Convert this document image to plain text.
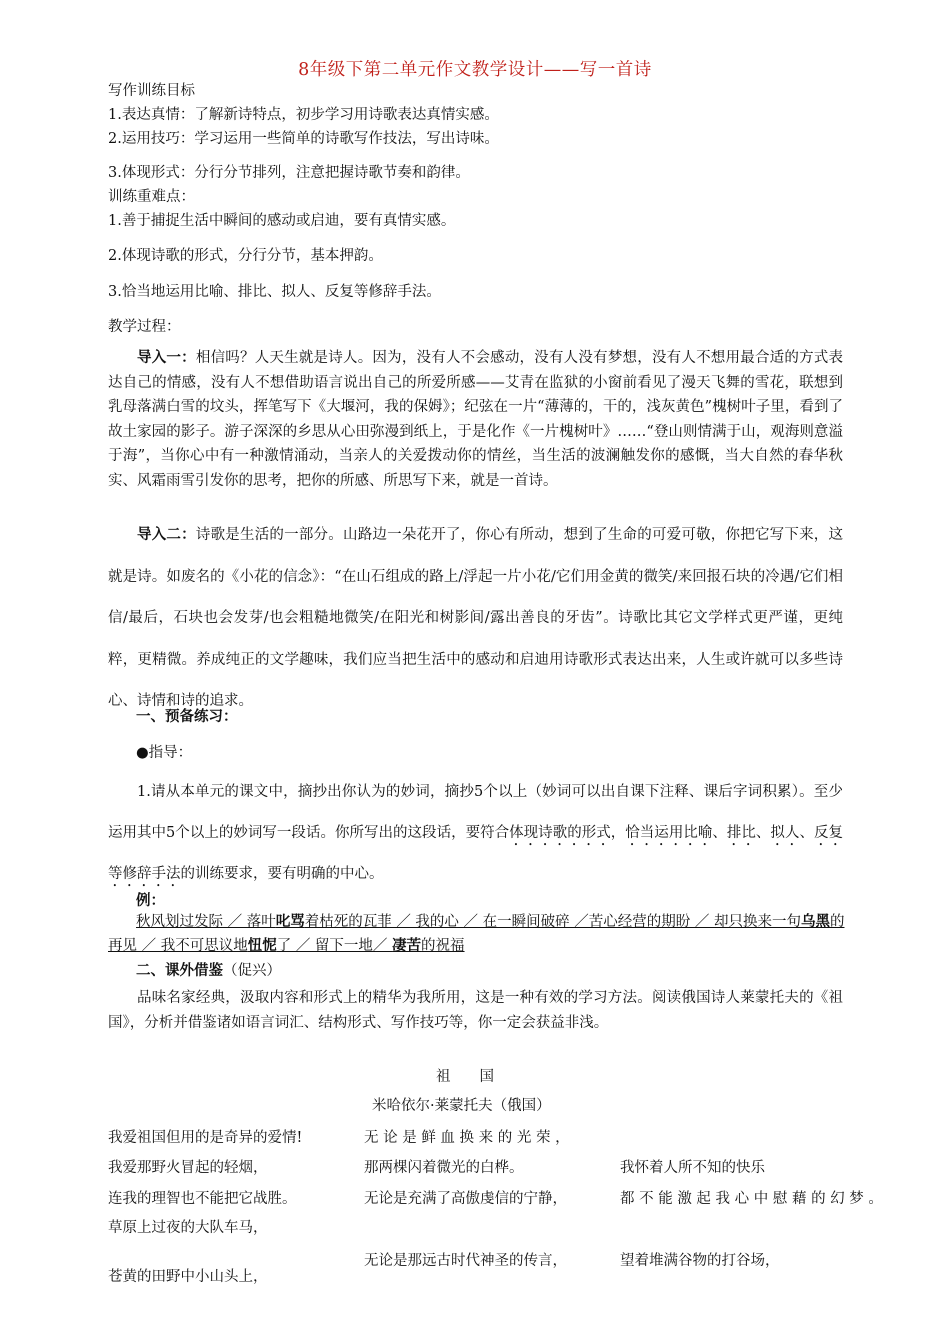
8年级下第二单元作文教学设计——写一首诗
写作训练目标
1.表达真情：了解新诗特点，初步学习用诗歌表达真情实感。
2.运用技巧：学习运用一些简单的诗歌写作技法，写出诗味。
3.体现形式：分行分节排列，注意把握诗歌节奏和韵律。
训练重难点：
1.善于捕捉生活中瞬间的感动或启迪，要有真情实感。
2.体现诗歌的形式，分行分节，基本押韵。
3.恰当地运用比喻、排比、拟人、反复等修辞手法。
教学过程：

导入一：相信吗？人天生就是诗人。因为，没有人不会感动，没有人没有梦想，没有人不想用最合适的方式表达自己的情感，没有人不想借助语言说出自己的所爱所感——艾青在监狱的小窗前看见了漫天飞舞的雪花，联想到乳母落满白雪的坟头，挥笔写下《大堰河，我的保姆》；纪弦在一片“薄薄的，干的，浅灰黄色”槐树叶子里，看到了故土家园的影子。游子深深的乡思从心田弥漫到纸上，于是化作《一片槐树叶》……“登山则情满于山，观海则意溢于海”，当你心中有一种激情涌动，当亲人的关爱拨动你的情丝，当生活的波澜触发你的感慨，当大自然的春华秋实、风霜雨雪引发你的思考，把你的所感、所思写下来，就是一首诗。

导入二：诗歌是生活的一部分。山路边一朵花开了，你心有所动，想到了生命的可爱可敬，你把它写下来，这就是诗。如废名的《小花的信念》：“在山石组成的路上/浮起一片小花/它们用金黄的微笑/来回报石块的冷遇/它们相信/最后，石块也会发芽/也会粗糙地微笑/在阳光和树影间/露出善良的牙齿”。诗歌比其它文学样式更严谨，更纯粹，更精微。养成纯正的文学趣味，我们应当把生活中的感动和启迪用诗歌形式表达出来，人生或许就可以多些诗心、诗情和诗的追求。

一、预备练习：
●指导：

1.请从本单元的课文中，摘抄出你认为的妙词，摘抄5个以上（妙词可以出自课下注释、课后字词积累）。至少运用其中5个以上的妙词写一段话。你所写出的这段话，要符合体现诗歌的形式，恰当运用比喻、排比、拟人、反复等修辞手法的训练要求，要有明确的中心。

例：
秋风划过发际 ／ 落叶叱骂着枯死的瓦菲 ／ 我的心 ／ 在一瞬间破碎 ／苦心经营的期盼 ／ 却只换来一句乌黑的再见 ／ 我不可思议地忸怩了 ／ 留下一地／ 凄苦的祝福
二、课外借鉴（促兴）

品味名家经典，汲取内容和形式上的精华为我所用，这是一种有效的学习方法。阅读俄国诗人莱蒙托夫的《祖国》，分析并借鉴诸如语言词汇、结构形式、写作技巧等，你一定会获益非浅。

祖　　国
米哈依尔·莱蒙托夫（俄国）
我爱祖国但用的是奇异的爱情!
我爱那野火冒起的轻烟，
连我的理智也不能把它战胜。
草原上过夜的大队车马，
苍黄的田野中小山头上，
无 论 是 鲜 血 换 来 的 光 荣 ，
那两棵闪着微光的白桦。
无论是充满了高傲虔信的宁静，
无论是那远古时代神圣的传言，
我怀着人所不知的快乐
都 不 能 激 起 我 心 中 慰 藉 的 幻 梦 。
望着堆满谷物的打谷场，
